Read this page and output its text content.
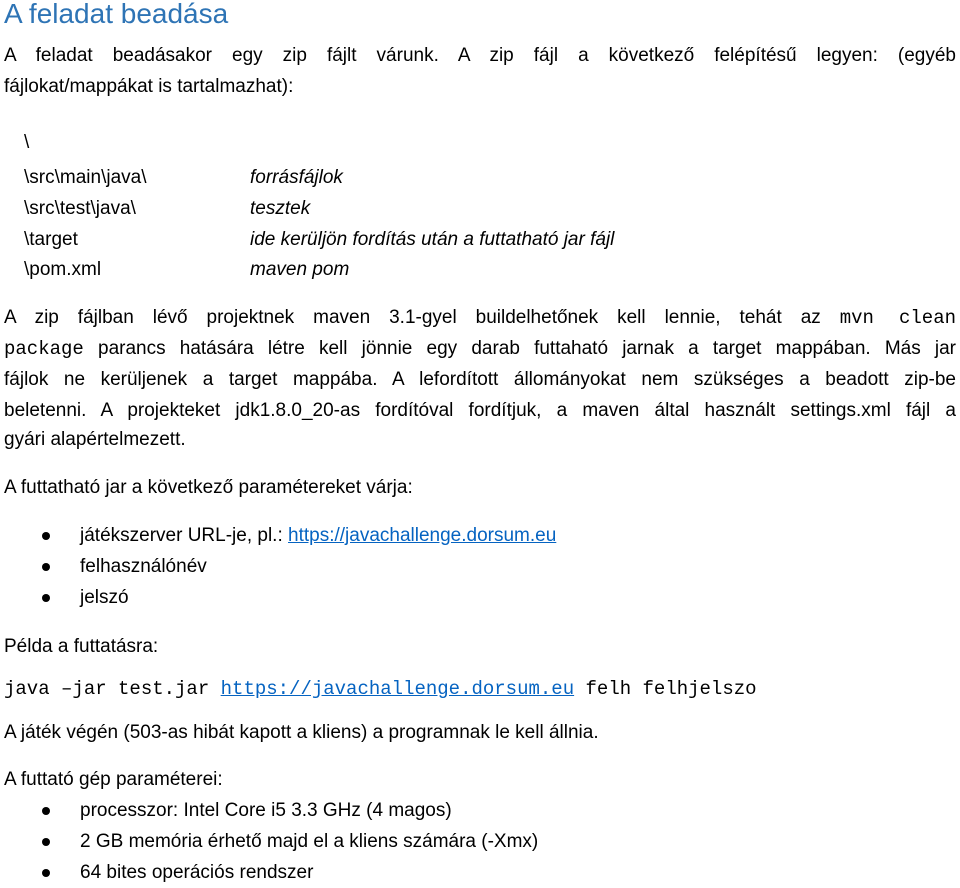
A feladat beadása

A feladat beadásakor egy zip fájlt várunk. A zip fájl a következő felépítésű legyen: (egyéb

fájlokat/mappákat is tartalmazhat):

\
\src\main\java\	forrásfájlok
\src\test\java\	tesztek
\target	ide kerüljön fordítás után a futtatható jar fájl
\pom.xml	maven pom

A zip fájlban lévő projektnek maven 3.1-gyel buildelhetőnek kell lennie, tehát az mvn clean

package parancs hatására létre kell jönnie egy darab futtaható jarnak a target mappában. Más jar

fájlok ne kerüljenek a target mappába. A lefordított állományokat nem szükséges a beadott zip-be

beletenni. A projekteket jdk1.8.0_20-as fordítóval fordítjuk, a maven által használt settings.xml fájl a

gyári alapértelmezett.

A futtatható jar a következő paramétereket várja:

játékszerver URL-je, pl.: https://javachallenge.dorsum.eu
felhasználónév
jelszó

Példa a futtatásra:

java –jar test.jar https://javachallenge.dorsum.eu felh felhjelszo

A játék végén (503-as hibát kapott a kliens) a programnak le kell állnia.

A futtató gép paraméterei:

processzor: Intel Core i5 3.3 GHz (4 magos)
2 GB memória érhető majd el a kliens számára (-Xmx)
64 bites operációs rendszer
